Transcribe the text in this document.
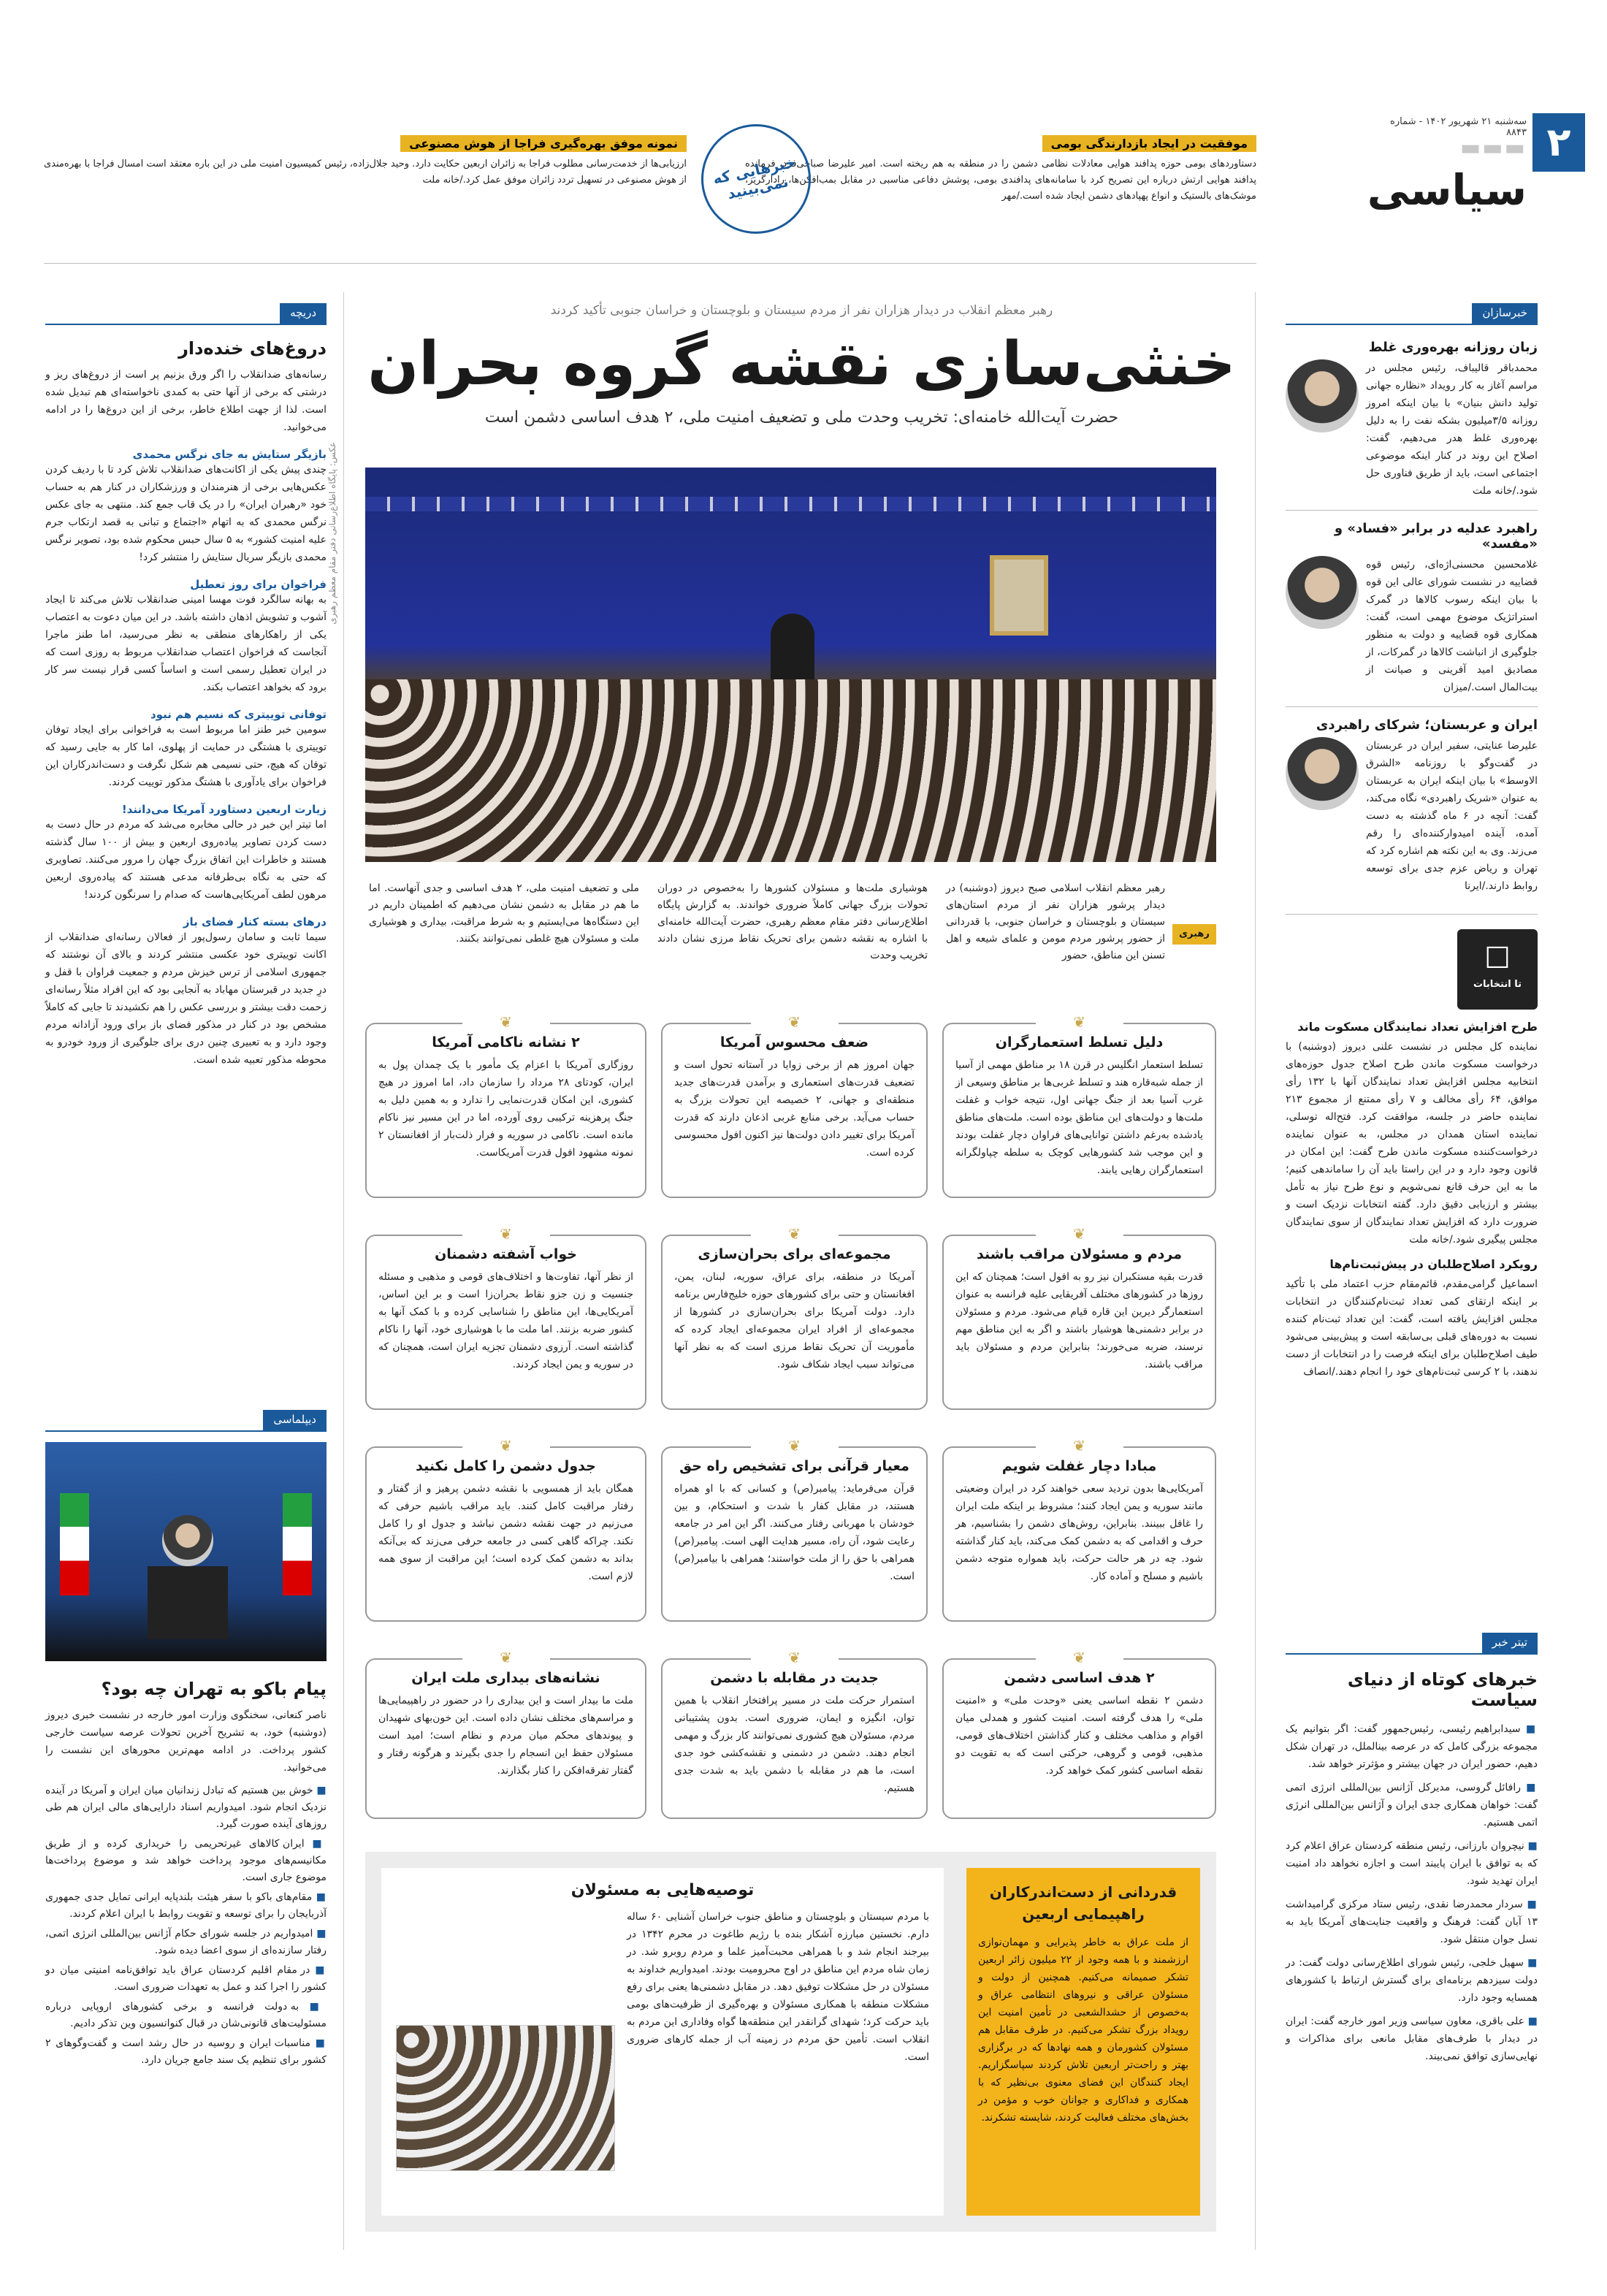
۲
سه‌شنبه ۲۱ شهریور ۱۴۰۲ - شماره ۸۸۴۳
▬▬▬
سیاسی
موفقیت در ایجاد بازدارندگی بومی
دستاوردهای بومی حوزه پدافند هوایی معادلات نظامی دشمن را در منطقه به هم ریخته است. امیر علیرضا صباحی‌فرد، فرمانده پدافند هوایی ارتش درباره این تصریح کرد با سامانه‌های پدافندی بومی، پوشش دفاعی مناسبی در مقابل بمب‌افکن‌ها، رادارگریز، موشک‌های بالستیک و انواع پهپادهای دشمن ایجاد شده است./مهر
خبرهایی که نمی‌بینید
نمونه موفق بهره‌گیری فراجا از هوش مصنوعی
ارزیابی‌ها از خدمت‌رسانی مطلوب فراجا به زائران اربعین حکایت دارد. وحید جلال‌زاده، رئیس کمیسیون امنیت ملی در این باره معتقد است امسال فراجا با بهره‌مندی از هوش مصنوعی در تسهیل تردد زائران موفق عمل کرد./خانه ملت
خبرسازان
زبان روزانه بهره‌وری غلط
محمدباقر قالیباف، رئیس مجلس در مراسم آغاز به کار رویداد «نظاره جهانی تولید دانش بنیان» با بیان اینکه امروز روزانه ۳/۵میلیون بشکه نفت را به دلیل بهره‌وری غلط هدر می‌دهیم، گفت: اصلاح این روند در کنار اینکه موضوعی اجتماعی است، باید از طریق فناوری حل شود./خانه ملت
راهبرد عدلیه در برابر «فساد» و «مفسد»
غلامحسین محسنی‌اژه‌ای، رئیس قوه قضاییه در نشست شورای عالی این قوه با بیان اینکه رسوب کالاها در گمرک استراتژیک موضوع مهمی است، گفت: همکاری قوه قضاییه و دولت به منظور جلوگیری از انباشت کالاها در گمرکات، از مصادیق امید آفرینی و صیانت از بیت‌المال است./میزان
ایران و عربستان؛ شرکای راهبردی
علیرضا عنایتی، سفیر ایران در عربستان در گفت‌وگو با روزنامه «الشرق الاوسط» با بیان اینکه ایران به عربستان به عنوان «شریک راهبردی» نگاه می‌کند، گفت: آنچه در ۶ ماه گذشته به دست آمده، آینده امیدوارکننده‌ای را رقم می‌زند. وی به این نکته هم اشاره کرد که تهران و ریاض عزم جدی برای توسعه روابط دارند./ایرنا
☐
تا انتخابات
طرح افزایش تعداد نمایندگان مسکوت ماند
نماینده کل مجلس در نشست علنی دیروز (دوشنبه) با درخواست مسکوت ماندن طرح اصلاح جدول حوزه‌های انتخابیه مجلس افزایش تعداد نمایندگان آنها با ۱۳۲ رأی موافق، ۶۴ رأی مخالف و ۷ رأی ممتنع از مجموع ۲۱۳ نماینده حاضر در جلسه، موافقت کرد. فتح‌اله توسلی، نماینده استان همدان در مجلس، به عنوان نماینده درخواست‌کننده مسکوت ماندن طرح گفت: این امکان در قانون وجود دارد و در این راستا باید آن را ساماندهی کنیم؛ ما به این حرف قانع نمی‌شویم و نوع طرح نیاز به تأمل بیشتر و ارزیابی دقیق دارد. گفته انتخابات نزدیک است و ضرورت دارد که افزایش تعداد نمایندگان از سوی نمایندگان مجلس پیگیری شود./خانه ملت
رویکرد اصلاح‌طلبان در پیش‌ثبت‌نام‌ها
اسماعیل گرامی‌مقدم، قائم‌مقام حزب اعتماد ملی با تأکید بر اینکه ارتقای کمی تعداد ثبت‌نام‌کنندگان در انتخابات مجلس افزایش یافته است، گفت: این تعداد ثبت‌نام کننده نسبت به دوره‌های قبلی بی‌سابقه است و پیش‌بینی می‌شود طیف اصلاح‌طلبان برای اینکه فرصت را در انتخابات از دست ندهند، با ۲ کرسی ثبت‌نام‌های خود را انجام دهند./انصاف
تیتر خبر
خبرهای کوتاه از دنیای سیاست
■ سیدابراهیم رئیسی، رئیس‌جمهور گفت: اگر بتوانیم یک مجموعه بزرگی کامل که در عرصه بینالملل، در تهران شکل دهیم، حضور ایران در جهان بیشتر و مؤثرتر خواهد شد.
■ رافائل گروسی، مدیرکل آژانس بین‌المللی انرژی اتمی گفت: خواهان همکاری جدی ایران و آژانس بین‌المللی انرژی اتمی هستیم.
■ نیچروان بارزانی، رئیس منطقه کردستان عراق اعلام کرد که به توافق با ایران پایبند است و اجازه نخواهد داد امنیت ایران تهدید شود.
■ سردار محمدرضا نقدی، رئیس ستاد مرکزی گرامیداشت ۱۳ آبان گفت: فرهنگ و واقعیت جنایت‌های آمریکا باید به نسل جوان منتقل شود.
■ سهیل خلجی، رئیس شورای اطلاع‌رسانی دولت گفت: در دولت سیزدهم برنامه‌ای برای گسترش ارتباط با کشورهای همسایه وجود دارد.
■ علی باقری، معاون سیاسی وزیر امور خارجه گفت: ایران در دیدار با طرف‌های مقابل مانعی برای مذاکرات و نهایی‌سازی توافق نمی‌بیند.
رهبر معظم انقلاب در دیدار هزاران نفر از مردم سیستان و بلوچستان و خراسان جنوبی تأکید کردند
خنثی‌سازی نقشه گروه بحران
حضرت آیت‌الله خامنه‌ای: تخریب وحدت ملی و تضعیف امنیت ملی، ۲ هدف اساسی دشمن است
عکس: پایگاه اطلاع‌رسانی دفتر مقام معظم رهبری
رهبری
رهبر معظم انقلاب اسلامی صبح دیروز (دوشنبه) در دیدار پرشور هزاران نفر از مردم استان‌های سیستان و بلوچستان و خراسان جنوبی، با قدردانی از حضور پرشور مردم مومن و علمای شیعه و اهل تسنن این مناطق، حضور
هوشیاری ملت‌ها و مسئولان کشورها را به‌خصوص در دوران تحولات بزرگ جهانی کاملاً ضروری خواندند. به گزارش پایگاه اطلاع‌رسانی دفتر مقام معظم رهبری، حضرت آیت‌الله خامنه‌ای با اشاره به نقشه دشمن برای تحریک نقاط مرزی نشان دادند تخریب وحدت
ملی و تضعیف امنیت ملی، ۲ هدف اساسی و جدی آنهاست. اما ما هم در مقابل به دشمن نشان می‌دهیم که اطمینان داریم در این دستگاه‌ها می‌ایستیم و به شرط مراقبت، بیداری و هوشیاری ملت و مسئولان هیچ غلطی نمی‌توانند بکنند.
❦
دلیل تسلط استعمارگران
تسلط استعمار انگلیس در قرن ۱۸ بر مناطق مهمی از آسیا از جمله شبه‌قاره هند و تسلط غربی‌ها بر مناطق وسیعی از غرب آسیا بعد از جنگ جهانی اول، نتیجه خواب و غفلت ملت‌ها و دولت‌های این مناطق بوده است. ملت‌های مناطق یادشده به‌رغم داشتن توانایی‌های فراوان دچار غفلت بودند و این موجب شد کشورهایی کوچک به سلطه چپاولگرانه استعمارگران رهایی یابند.
❦
ضعف محسوس آمریکا
جهان امروز هم از برخی زوایا در آستانه تحول است و تضعیف قدرت‌های استعماری و برآمدن قدرت‌های جدید منطقه‌ای و جهانی، ۲ خصیصه این تحولات بزرگ به حساب می‌آید. برخی منابع غربی اذعان دارند که قدرت آمریکا برای تغییر دادن دولت‌ها نیز اکنون افول محسوسی کرده است.
❦
۲ نشانه ناکامی آمریکا
روزگاری آمریکا با اعزام یک مأمور با یک چمدان پول به ایران، کودتای ۲۸ مرداد را سازمان داد، اما امروز در هیچ کشوری، این امکان قدرت‌نمایی را ندارد و به همین دلیل به جنگ پرهزینه ترکیبی روی آورده، اما در این مسیر نیز ناکام مانده است. ناکامی در سوریه و فرار ذلت‌بار از افغانستان ۲ نمونه مشهود افول قدرت آمریکاست.
❦
مردم و مسئولان مراقب باشند
قدرت بقیه مستکبران نیز رو به افول است؛ همچنان که این روزها در کشورهای مختلف آفریقایی علیه فرانسه به عنوان استعمارگر دیرین این قاره قیام می‌شود. مردم و مسئولان در برابر دشمنی‌ها هوشیار باشند و اگر به این مناطق مهم نرسند، ضربه می‌خورند؛ بنابراین مردم و مسئولان باید مراقب باشند.
❦
مجموعه‌ای برای بحران‌سازی
آمریکا در منطقه، برای عراق، سوریه، لبنان، یمن، افغانستان و حتی برای کشورهای حوزه خلیج‌فارس برنامه دارد. دولت آمریکا برای بحران‌سازی در کشورها از مجموعه‌ای از افراد ایران مجموعه‌ای ایجاد کرده که مأموریت آن تحریک نقاط مرزی است که به نظر آنها می‌تواند سبب ایجاد شکاف شود.
❦
خواب آشفته دشمنان
از نظر آنها، تفاوت‌ها و اختلاف‌های قومی و مذهبی و مسئله جنسیت و زن جزو نقاط بحران‌زا است و بر این اساس، آمریکایی‌ها، این مناطق را شناسایی کرده و با کمک آنها به کشور ضربه بزنند. اما ملت ما با هوشیاری خود، آنها را ناکام گذاشته است. آرزوی دشمنان تجزیه ایران است، همچنان که در سوریه و یمن ایجاد کردند.
❦
مبادا دچار غفلت شویم
آمریکایی‌ها بدون تردید سعی خواهند کرد در ایران وضعیتی مانند سوریه و یمن ایجاد کنند؛ مشروط بر اینکه ملت ایران را غافل ببینند. بنابراین، روش‌های دشمن را بشناسیم، هر حرف و اقدامی که به دشمن کمک می‌کند، باید کنار گذاشته شود. چه در هر حالت حرکت، باید همواره متوجه دشمن باشیم و مسلح و آماده کار.
❦
معیار قرآنی برای تشخیص راه حق
قرآن می‌فرماید: پیامبر(ص) و کسانی که با او همراه هستند، در مقابل کفار با شدت و استحکام، و بین خودشان با مهربانی رفتار می‌کنند. اگر این امر در جامعه رعایت شود، آن راه، مسیر هدایت الهی است. پیامبر(ص) همراهی با حق را از ملت خواستند؛ همراهی با بیامبر(ص) است.
❦
جدول دشمن را کامل نکنید
همگان باید از همسویی با نقشه دشمن پرهیز و از گفتار و رفتار مراقبت کامل کنند. باید مراقب باشیم حرفی که می‌زنیم در جهت نقشه دشمن نباشد و جدول او را کامل نکند. چراکه گاهی کسی در جامعه حرفی می‌زند که بی‌آنکه بداند به دشمن کمک کرده است؛ این مراقبت از سوی همه لازم است.
❦
۲ هدف اساسی دشمن
دشمن ۲ نقطه اساسی یعنی «وحدت ملی» و «امنیت ملی» را هدف گرفته است. امنیت کشور و همدلی میان اقوام و مذاهب مختلف و کنار گذاشتن اختلاف‌های قومی، مذهبی، قومی و گروهی، حرکتی است که به تقویت دو نقطه اساسی کشور کمک خواهد کرد.
❦
جدیت در مقابله با دشمن
استمرار حرکت ملت در مسیر پرافتخار انقلاب با همین توان، انگیزه و ایمان، ضروری است. بدون پشتیبانی مردم، مسئولان هیچ کشوری نمی‌توانند کار بزرگ و مهمی انجام دهند. دشمن در دشمنی و نقشه‌کشی خود جدی است، ما هم در مقابله با دشمن باید به شدت جدی هستیم.
❦
نشانه‌های بیداری ملت ایران
ملت ما بیدار است و این بیداری را در حضور در راهپیمایی‌ها و مراسم‌های مختلف نشان داده است. این خون‌بهای شهیدان و پیوندهای محکم میان مردم و نظام است؛ امید است مسئولان حفظ این انسجام را جدی بگیرند و هرگونه رفتار و گفتار تفرقه‌افکن را کنار بگذارند.
قدردانی از دست‌اندرکاران راهپیمایی اربعین
از ملت عراق به خاطر پذیرایی و مهمان‌نوازی ارزشمند و با همه وجود از ۲۲ میلیون زائر اربعین تشکر صمیمانه می‌کنیم. همچنین از دولت و مسئولان عراقی و نیروهای انتظامی عراق و به‌خصوص از حشدالشعبی در تأمین امنیت این رویداد بزرگ تشکر می‌کنیم. در طرف مقابل هم مسئولان کشورمان و همه نهادها که در برگزاری بهتر و راحت‌تر اربعین تلاش کردند سپاسگزاریم. ایجاد کنندگان این فضای معنوی بی‌نظیر که با همکاری و فداکاری و جوانان خوب و مؤمن در بخش‌های مختلف فعالیت کردند، شایسته تشکرند.
توصیه‌هایی به مسئولان
با مردم سیستان و بلوچستان و مناطق جنوب خراسان آشنایی ۶۰ ساله دارم. نخستین مبارزه آشکار بنده با رژیم طاغوت در محرم ۱۳۴۲ در بیرجند انجام شد و با همراهی محبت‌آمیز علما و مردم روبرو شد. در زمان شاه مردم این مناطق در اوج محرومیت بودند. امیدواریم خداوند به مسئولان در حل مشکلات توفیق دهد. در مقابل دشمنی‌ها یعنی برای رفع مشکلات منطقه با همکاری مسئولان و بهره‌گیری از ظرفیت‌های بومی باید حرکت کرد؛ شهدای گرانقدر این منطقه‌ها گواه وفاداری این مردم به انقلاب است. تأمین حق مردم در زمینه آب از جمله کارهای ضروری است.
دریچه
دروغ‌های خنده‌دار
رسانه‌های ضدانقلاب را اگر ورق بزنیم پر است از دروغ‌های ریز و درشتی که برخی از آنها حتی به کمدی ناخواسته‌ای هم تبدیل شده است. لذا از جهت اطلاع خاطر، برخی از این دروغ‌ها را در ادامه می‌خوانید.
بازیگر ستایش به جای نرگس محمدی
چندی پیش یکی از اکانت‌های ضدانقلاب تلاش کرد تا با ردیف کردن عکس‌هایی برخی از هنرمندان و ورزشکاران در کنار هم به حساب خود «رهبران ایران» را در یک قاب جمع کند. منتهی به جای عکس نرگس محمدی که به اتهام «اجتماع و تبانی به قصد ارتکاب جرم علیه امنیت کشور» به ۵ سال حبس محکوم شده بود، تصویر نرگس محمدی بازیگر سریال ستایش را منتشر کرد!
فراخوان برای روز تعطیل
به بهانه سالگرد فوت مهسا امینی ضدانقلاب تلاش می‌کند تا ایجاد آشوب و تشویش اذهان داشته باشد. در این میان دعوت به اعتصاب یکی از راهکارهای منطقی به نظر می‌رسید، اما طنز ماجرا آنجاست که فراخوان اعتصاب ضدانقلاب مربوط به روزی است که در ایران تعطیل رسمی است و اساساً کسی قرار نیست سر کار برود که بخواهد اعتصاب بکند.
توفانی توییتری که نسیم هم نبود
سومین خبر طنز اما مربوط است به فراخوانی برای ایجاد توفان توییتری با هشتگی در حمایت از پهلوی، اما کار به جایی رسید که توفان که هیچ، حتی نسیمی هم شکل نگرفت و دست‌اندرکاران این فراخوان برای یادآوری با هشتگ مذکور توییت کردند.
زیارت اربعین دستاورد آمریکا می‌دانند!
اما تیتر این خبر در حالی مخابره می‌شد که مردم در حال دست به دست کردن تصاویر پیاده‌روی اربعین و بیش از ۱۰۰ سال گذشته هستند و خاطرات این اتفاق بزرگ جهان را مرور می‌کنند. تصاویری که حتی به نگاه بی‌طرفانه مدعی هستند که پیاده‌روی اربعین مرهون لطف آمریکایی‌هاست که صدام را سرنگون کردند!
درهای بسته کنار فضای باز
سیما ثابت و سامان رسول‌پور از فعالان رسانه‌ای ضدانقلاب از اکانت توییتری خود عکسی منتشر کردند و بالای آن نوشتند که جمهوری اسلامی از ترس خیزش مردم و جمعیت فراوان با قفل و درِ جدید در قبرستان مهاباد به آنجایی بود که این افراد مثلاً رسانه‌ای زحمت دقت بیشتر و بررسی عکس را هم نکشیدند تا جایی که کاملاً مشخص بود در کنار در مذکور فضای باز برای ورود آزادانه مردم وجود دارد و به تعبیری چنین دری برای جلوگیری از ورود خودرو به محوطه مذکور تعبیه شده است.
دیپلماسی
پیام باکو به تهران چه بود؟
ناصر کنعانی، سخنگوی وزارت امور خارجه در نشست خبری دیروز (دوشنبه) خود، به تشریح آخرین تحولات عرصه سیاست خارجی کشور پرداخت. در ادامه مهم‌ترین محورهای این نشست را می‌خوانید.
■ خوش بین هستیم که تبادل زندانیان میان ایران و آمریکا در آینده نزدیک انجام شود. امیدواریم اسناد دارایی‌های مالی ایران هم طی روزهای آینده صورت گیرد.
■ ایران کالاهای غیرتحریمی را خریداری کرده و از طریق مکانیسم‌های موجود پرداخت خواهد شد و موضوع پرداخت‌ها موضوع جاری است.
■ مقام‌های باکو با سفر هیئت بلندپایه ایرانی تمایل جدی جمهوری آذربایجان را برای توسعه و تقویت روابط با ایران اعلام کردند.
■ امیدواریم در جلسه شورای حکام آژانس بین‌المللی انرژی اتمی، رفتار سازنده‌ای از سوی اعضا دیده شود.
■ در مقام اقلیم کردستان عراق باید توافق‌نامه امنیتی میان دو کشور را اجرا کند و عمل به تعهدات ضروری است.
■ به دولت فرانسه و برخی کشورهای اروپایی درباره مسئولیت‌های قانونی‌شان در قبال کنوانسیون وین تذکر دادیم.
■ مناسبات ایران و روسیه در حال رشد است و گفت‌وگوهای ۲ کشور برای تنظیم یک سند جامع جریان دارد.
